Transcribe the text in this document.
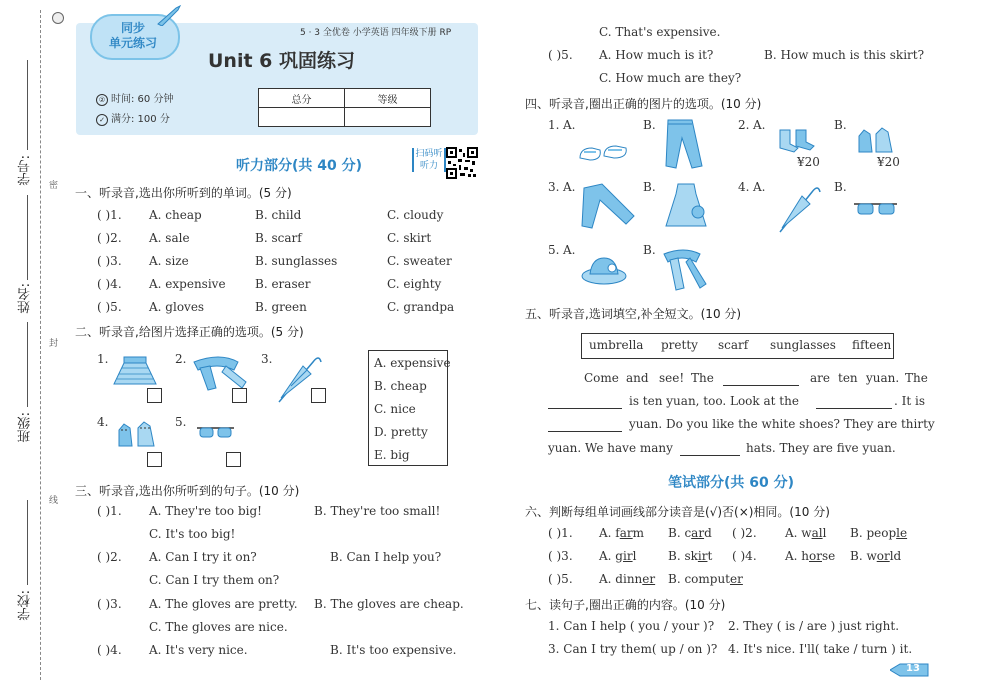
学号:
姓名:
班级:
学校:
密
封
线
同步
单元练习
5 · 3 全优卷 小学英语 四年级下册 RP
Unit 6 巩固练习
② 时间: 60 分钟
✓ 满分: 100 分
总分	等级

听力部分(共 40 分)
扫码听听力
一、听录音,选出你所听到的单词。(5 分)
( )1. A. cheap	B. child	C. cloudy
( )2. A. sale	B. scarf	C. skirt
( )3. A. size	B. sunglasses	C. sweater
( )4. A. expensive B. eraser	C. eighty
( )5. A. gloves	B. green	C. grandpa
二、听录音,给图片选择正确的选项。(5 分)
1.	2.	3.
4.	5.
A. expensive
B. cheap
C. nice
D. pretty
E. big
三、听录音,选出你所听到的句子。(10 分)
( )1. A. They're too big!	B. They're too small!
C. It's too big!
( )2. A. Can I try it on?	B. Can I help you?
C. Can I try them on?
( )3. A. The gloves are pretty. B. The gloves are cheap.
C. The gloves are nice.
( )4. A. It's very nice.	B. It's too expensive.
C. That's expensive.
( )5. A. How much is it?	B. How much is this skirt?
C. How much are they?
四、听录音,圈出正确的图片的选项。(10 分)
1. A.	B.	2. A.
¥20
B.
¥20
3. A.	B.	4. A.	B.
5. A.	B.
五、听录音,选词填空,补全短文。(10 分)
umbrella pretty scarf sunglasses fifteen
Come and see! The	are ten yuan. The
is ten yuan, too. Look at the	. It is
yuan. Do you like the white shoes? They are thirty
yuan. We have many	hats. They are five yuan.
笔试部分(共 60 分)
六、判断每组单词画线部分读音是(√)否(×)相同。(10 分)
( )1. A. farm B. card ( )2. A. wall B. people
( )3. A. girl	B. skirt ( )4. A. horse B. world
( )5. A. dinner B. computer
七、读句子,圈出正确的内容。(10 分)
1. Can I help ( you / your )? 2. They ( is / are ) just right.
3. Can I try them( up / on )? 4. It's nice. I'll( take / turn ) it.
13
